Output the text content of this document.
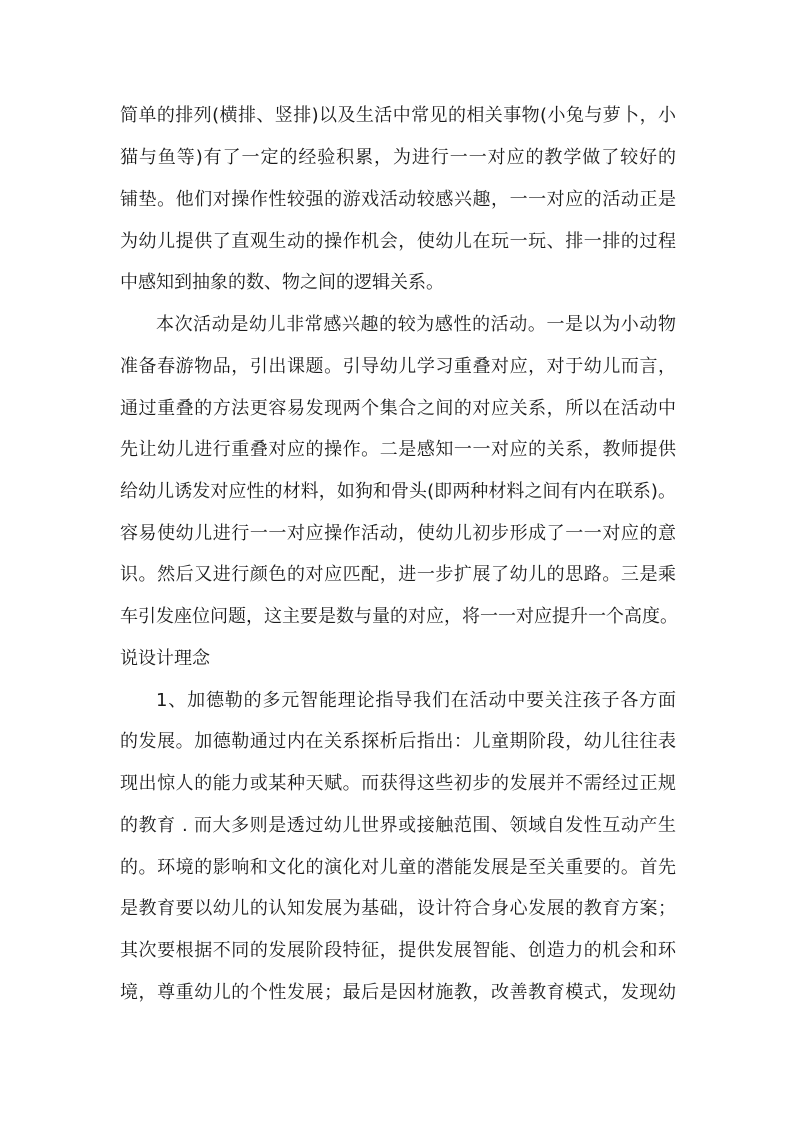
简单的排列(横排、竖排)以及生活中常见的相关事物(小兔与萝卜，小
猫与鱼等)有了一定的经验积累，为进行一一对应的教学做了较好的
铺垫。他们对操作性较强的游戏活动较感兴趣，一一对应的活动正是
为幼儿提供了直观生动的操作机会，使幼儿在玩一玩、排一排的过程
中感知到抽象的数、物之间的逻辑关系。
本次活动是幼儿非常感兴趣的较为感性的活动。一是以为小动物
准备春游物品，引出课题。引导幼儿学习重叠对应，对于幼儿而言，
通过重叠的方法更容易发现两个集合之间的对应关系，所以在活动中
先让幼儿进行重叠对应的操作。二是感知一一对应的关系，教师提供
给幼儿诱发对应性的材料，如狗和骨头(即两种材料之间有内在联系)。
容易使幼儿进行一一对应操作活动，使幼儿初步形成了一一对应的意
识。然后又进行颜色的对应匹配，进一步扩展了幼儿的思路。三是乘
车引发座位问题，这主要是数与量的对应，将一一对应提升一个高度。
说设计理念
1、加德勒的多元智能理论指导我们在活动中要关注孩子各方面
的发展。加德勒通过内在关系探析后指出：儿童期阶段，幼儿往往表
现出惊人的能力或某种天赋。而获得这些初步的发展并不需经过正规
的教育 . 而大多则是透过幼儿世界或接触范围、领域自发性互动产生
的。环境的影响和文化的演化对儿童的潜能发展是至关重要的。首先
是教育要以幼儿的认知发展为基础，设计符合身心发展的教育方案；
其次要根据不同的发展阶段特征，提供发展智能、创造力的机会和环
境，尊重幼儿的个性发展；最后是因材施教，改善教育模式，发现幼
